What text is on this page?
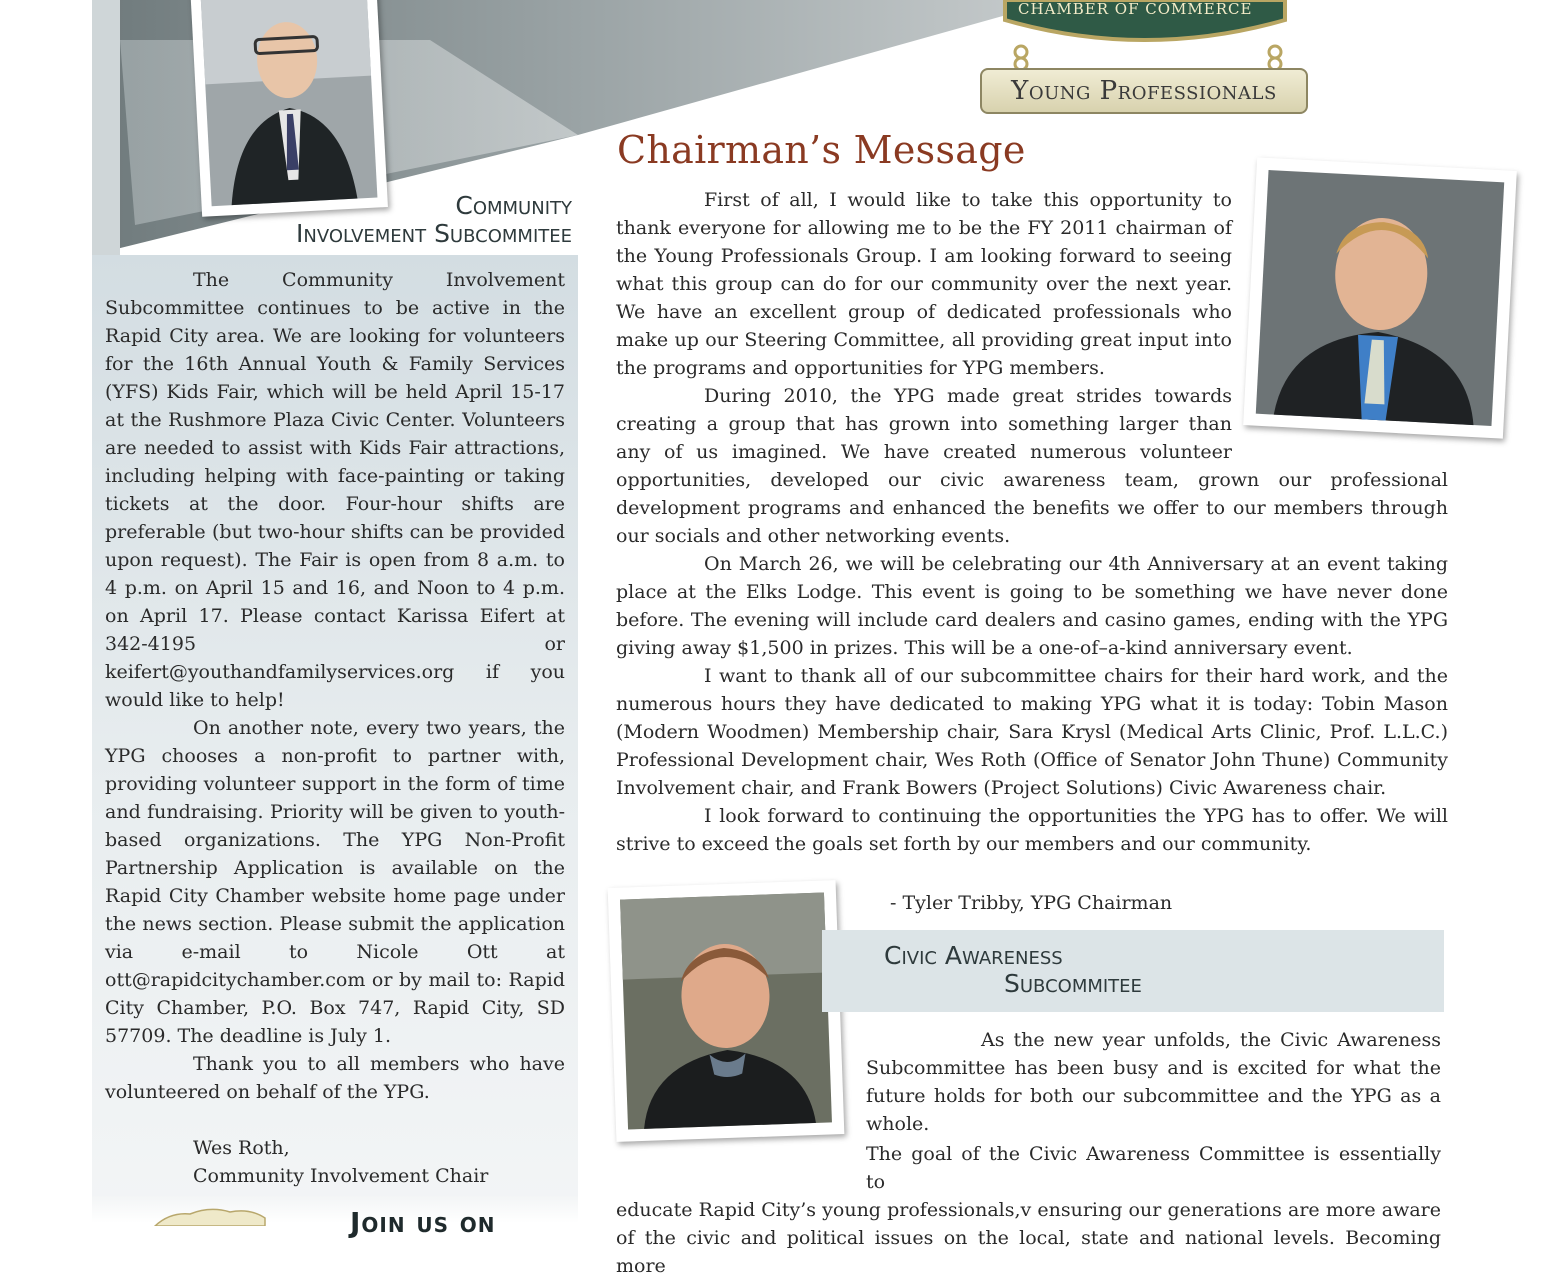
Community
Involvement Subcommitee

The Community Involvement Subcommittee continues to be active in the Rapid City area. We are looking for volunteers for the 16th Annual Youth & Family Services (YFS) Kids Fair, which will be held April 15-17 at the Rushmore Plaza Civic Center. Volunteers are needed to assist with Kids Fair attractions, including helping with face-painting or taking tickets at the door. Four-hour shifts are preferable (but two-hour shifts can be provided upon request). The Fair is open from 8 a.m. to 4 p.m. on April 15 and 16, and Noon to 4 p.m. on April 17. Please contact Karissa Eifert at 342-4195 or keifert@youthandfamilyservices.org if you would like to help!

On another note, every two years, the YPG chooses a non-profit to partner with, providing volunteer support in the form of time and fundraising. Priority will be given to youth-based organizations. The YPG Non-Profit Partnership Application is available on the Rapid City Chamber website home page under the news section. Please submit the application via e-mail to Nicole Ott at ott@rapidcitychamber.com or by mail to: Rapid City Chamber, P.O. Box 747, Rapid City, SD 57709. The deadline is July 1.

Thank you to all members who have volunteered on behalf of the YPG.

Wes Roth,

Community Involvement Chair

Join us on
CHAMBER OF COMMERCE
Young Professionals
Chairman’s Message

First of all, I would like to take this opportunity to thank everyone for allowing me to be the FY 2011 chairman of the Young Professionals Group. I am looking forward to seeing what this group can do for our community over the next year. We have an excellent group of dedicated professionals who make up our Steering Committee, all providing great input into the programs and opportunities for YPG members.

During 2010, the YPG made great strides towards creating a group that has grown into something larger than any of us imagined. We have created numerous volunteer opportunities, developed our civic awareness team, grown our professional development programs and enhanced the benefits we offer to our members through our socials and other networking events.

On March 26, we will be celebrating our 4th Anniversary at an event taking place at the Elks Lodge. This event is going to be something we have never done before. The evening will include card dealers and casino games, ending with the YPG giving away $1,500 in prizes. This will be a one-of–a-kind anniversary event.

I want to thank all of our subcommittee chairs for their hard work, and the numerous hours they have dedicated to making YPG what it is today: Tobin Mason (Modern Woodmen) Membership chair, Sara Krysl (Medical Arts Clinic, Prof. L.L.C.) Professional Development chair, Wes Roth (Office of Senator John Thune) Community Involvement chair, and Frank Bowers (Project Solutions) Civic Awareness chair.

I look forward to continuing the opportunities the YPG has to offer. We will strive to exceed the goals set forth by our members and our community.

- Tyler Tribby, YPG Chairman
Civic Awareness
Subcommitee
As the new year unfolds, the Civic Awareness Subcommittee has been busy and is excited for what the future holds for both our subcommittee and the YPG as a whole.
The goal of the Civic Awareness Committee is essentially to
educate Rapid City’s young professionals,v ensuring our generations are more aware of the civic and political issues on the local, state and national levels. Becoming more
